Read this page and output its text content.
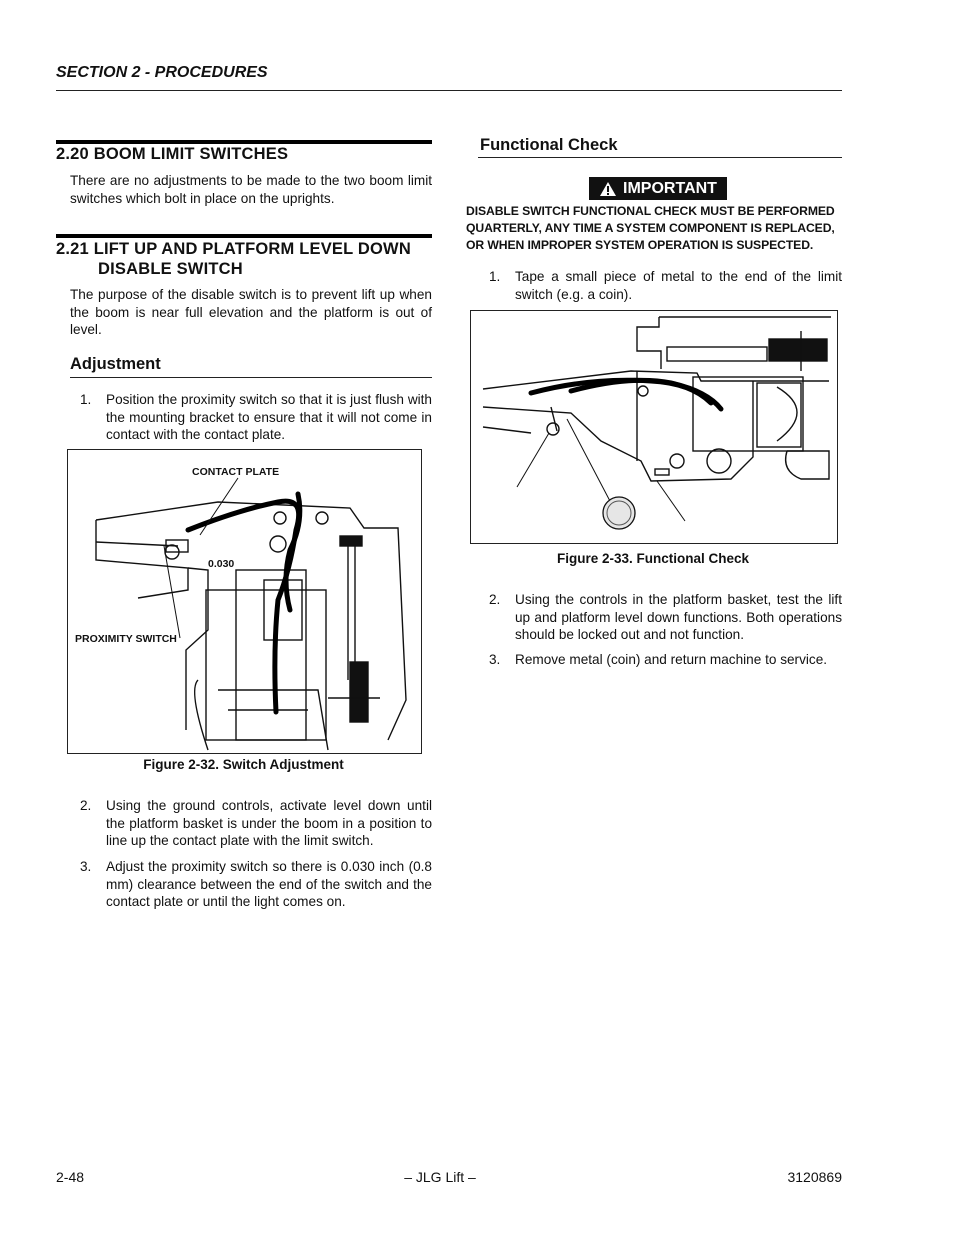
SECTION 2 - PROCEDURES
2.20 BOOM LIMIT SWITCHES
There are no adjustments to be made to the two boom limit switches which bolt in place on the uprights.
2.21 LIFT UP AND PLATFORM LEVEL DOWN
DISABLE SWITCH
The purpose of the disable switch is to prevent lift up when the boom is near full elevation and the platform is out of level.
Adjustment
1. Position the proximity switch so that it is just flush with the mounting bracket to ensure that it will not come in contact with the contact plate.
CONTACT PLATE
0.030
PROXIMITY SWITCH
Figure 2-32. Switch Adjustment
2. Using the ground controls, activate level down until the platform basket is under the boom in a position to line up the contact plate with the limit switch.
3. Adjust the proximity switch so there is 0.030 inch (0.8 mm) clearance between the end of the switch and the contact plate or until the light comes on.
Functional Check
IMPORTANT
DISABLE SWITCH FUNCTIONAL CHECK MUST BE PERFORMED
QUARTERLY, ANY TIME A SYSTEM COMPONENT IS REPLACED,
OR WHEN IMPROPER SYSTEM OPERATION IS SUSPECTED.
1. Tape a small piece of metal to the end of the limit switch (e.g. a coin).
Figure 2-33. Functional Check
2. Using the controls in the platform basket, test the lift up and platform level down functions. Both operations should be locked out and not function.
3. Remove metal (coin) and return machine to service.
2-48	– JLG Lift –	3120869
